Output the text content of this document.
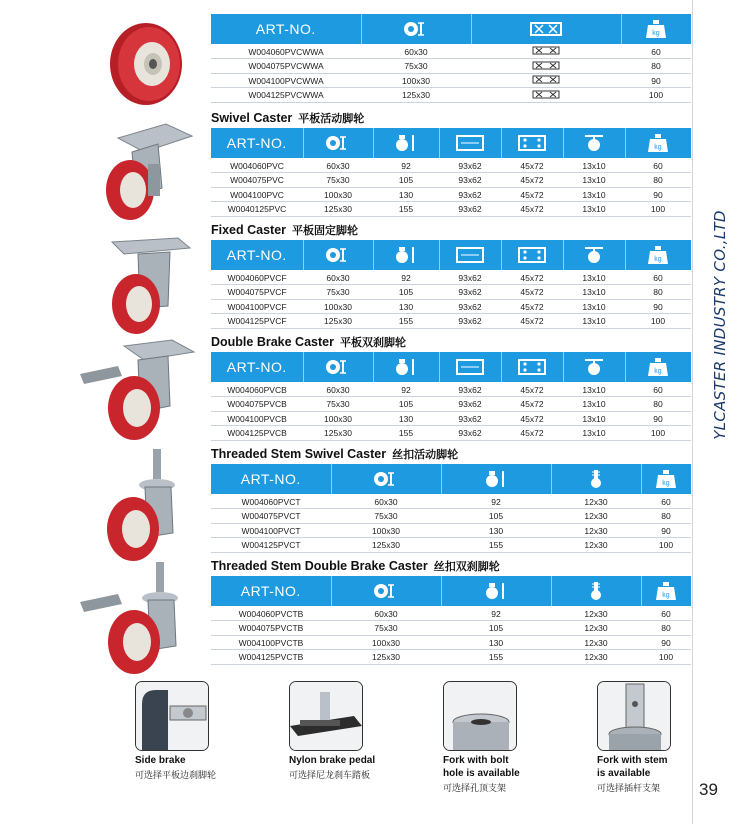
ART-NO.			kg

W004060PVCWWA	60x30		60
W004075PVCWWA	75x30		80
W004100PVCWWA	100x30		90
W004125PVCWWA	125x30		100
Swivel Caster 平板活动脚轮
ART-NO.						kg

W004060PVC	60x30	92	93x62	45x72	13x10	60
W004075PVC	75x30	105	93x62	45x72	13x10	80
W004100PVC	100x30	130	93x62	45x72	13x10	90
W0040125PVC	125x30	155	93x62	45x72	13x10	100
Fixed Caster 平板固定脚轮
ART-NO.						kg

W004060PVCF	60x30	92	93x62	45x72	13x10	60
W004075PVCF	75x30	105	93x62	45x72	13x10	80
W004100PVCF	100x30	130	93x62	45x72	13x10	90
W004125PVCF	125x30	155	93x62	45x72	13x10	100
Double Brake Caster 平板双刹脚轮
ART-NO.						kg

W004060PVCB	60x30	92	93x62	45x72	13x10	60
W004075PVCB	75x30	105	93x62	45x72	13x10	80
W004100PVCB	100x30	130	93x62	45x72	13x10	90
W004125PVCB	125x30	155	93x62	45x72	13x10	100
Threaded Stem Swivel Caster 丝扣活动脚轮
ART-NO.				kg

W004060PVCT	60x30	92	12x30	60
W004075PVCT	75x30	105	12x30	80
W004100PVCT	100x30	130	12x30	90
W004125PVCT	125x30	155	12x30	100
Threaded Stem Double Brake Caster 丝扣双刹脚轮
ART-NO.				kg

W004060PVCTB	60x30	92	12x30	60
W004075PVCTB	75x30	105	12x30	80
W004100PVCTB	100x30	130	12x30	90
W004125PVCTB	125x30	155	12x30	100
Side brake
可选择平板边刹脚轮
Nylon brake pedal
可选择尼龙刹车踏板
Fork with bolt
hole is available
可选择孔顶支架
Fork with stem
is available
可选择插杆支架
YLCASTER INDUSTRY CO.,LTD
39
